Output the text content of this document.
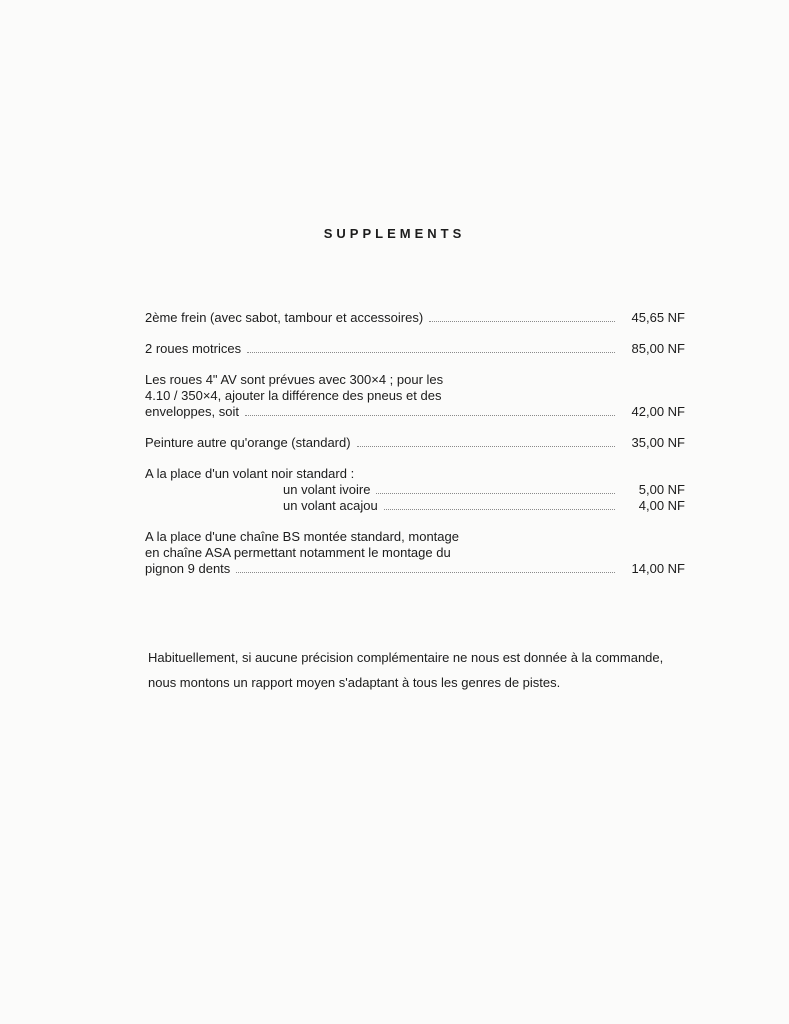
SUPPLEMENTS
2ème frein (avec sabot, tambour et accessoires)	45,65 NF
2 roues motrices	85,00 NF
Les roues 4" AV sont prévues avec 300×4 ; pour les
4.10 / 350×4, ajouter la différence des pneus et des
enveloppes, soit	42,00 NF
Peinture autre qu'orange (standard)	35,00 NF
A la place d'un volant noir standard :
un volant ivoire	5,00 NF
un volant acajou	4,00 NF
A la place d'une chaîne BS montée standard, montage
en chaîne ASA permettant notamment le montage du
pignon 9 dents	14,00 NF

Habituellement, si aucune précision complémentaire ne nous est donnée à la commande,

nous montons un rapport moyen s'adaptant à tous les genres de pistes.
